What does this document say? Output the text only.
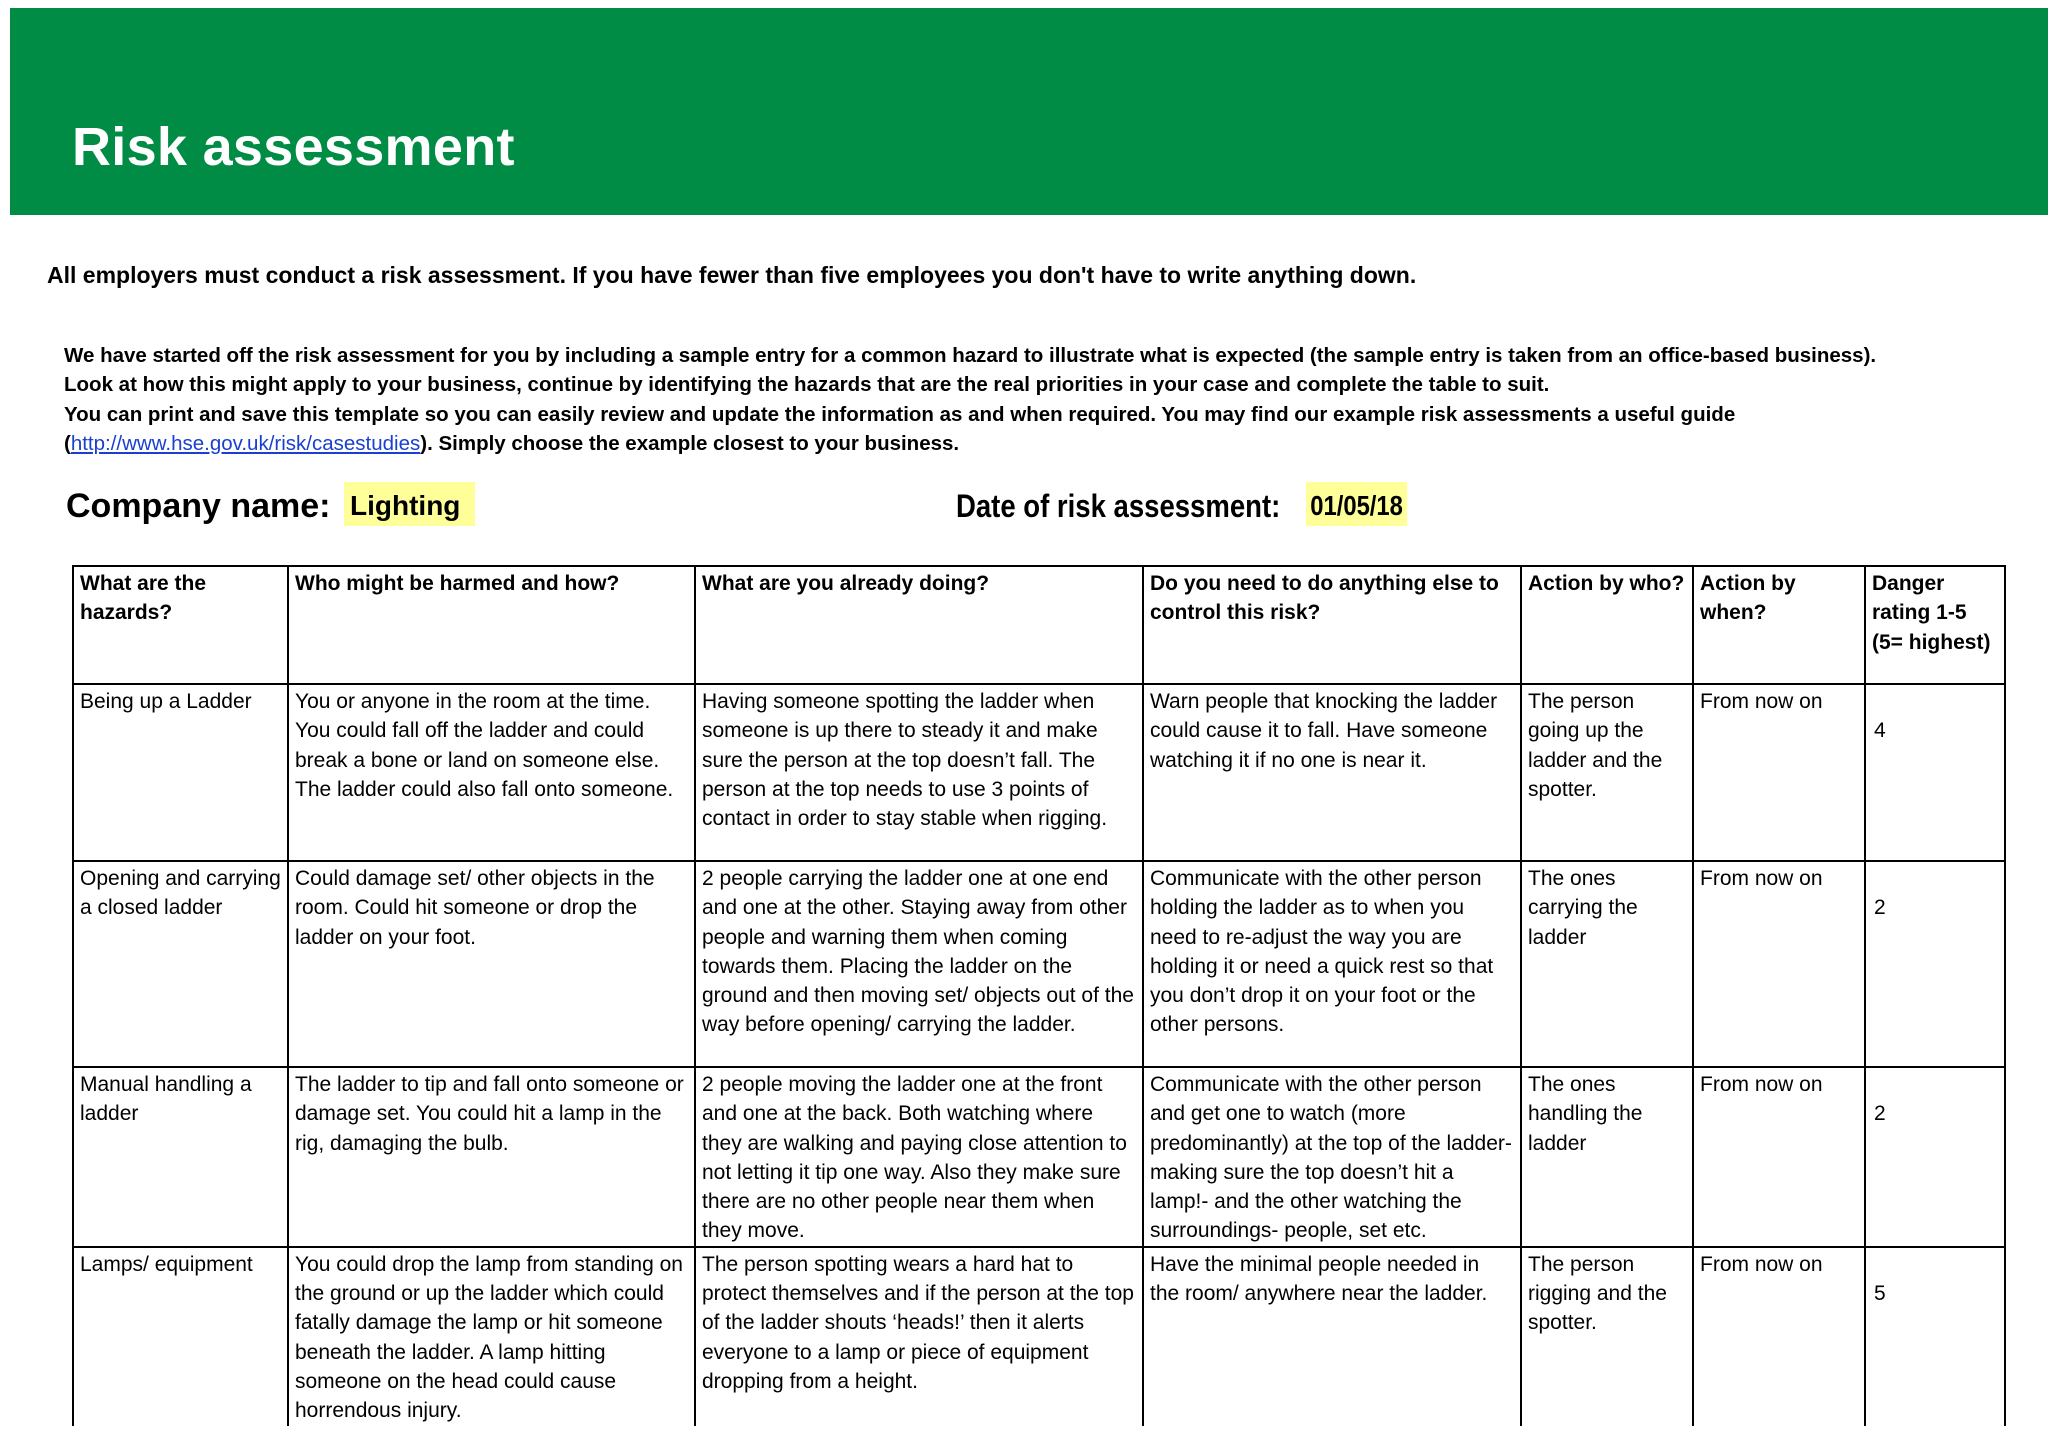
Risk assessment

All employers must conduct a risk assessment. If you have fewer than five employees you don't have to write anything down.

We have started off the risk assessment for you by including a sample entry for a common hazard to illustrate what is expected (the sample entry is taken from an office-based business).

Look at how this might apply to your business, continue by identifying the hazards that are the real priorities in your case and complete the table to suit.

You can print and save this template so you can easily review and update the information as and when required. You may find our example risk assessments a useful guide

(http://www.hse.gov.uk/risk/casestudies). Simply choose the example closest to your business.

Company name: Lighting	Date of risk assessment: 01/05/18
What are the hazards?	Who might be harmed and how?	What are you already doing?	Do you need to do anything else to control this risk?	Action by who?	Action by when?	Danger rating 1-5 (5= highest)
Being up a Ladder	You or anyone in the room at the time. You could fall off the ladder and could break a bone or land on someone else. The ladder could also fall onto someone.	Having someone spotting the ladder when someone is up there to steady it and make sure the person at the top doesn’t fall. The person at the top needs to use 3 points of contact in order to stay stable when rigging.	Warn people that knocking the ladder could cause it to fall. Have someone watching it if no one is near it.	The person going up the ladder and the spotter.	From now on	4

Opening and carrying a closed ladder	Could damage set/ other objects in the room. Could hit someone or drop the ladder on your foot.	2 people carrying the ladder one at one end and one at the other. Staying away from other people and warning them when coming towards them. Placing the ladder on the ground and then moving set/ objects out of the way before opening/ carrying the ladder.	Communicate with the other person holding the ladder as to when you need to re-adjust the way you are holding it or need a quick rest so that you don’t drop it on your foot or the other persons.	The ones carrying the ladder	From now on	2

Manual handling a ladder	The ladder to tip and fall onto someone or damage set. You could hit a lamp in the rig, damaging the bulb.	2 people moving the ladder one at the front and one at the back. Both watching where they are walking and paying close attention to not letting it tip one way. Also they make sure there are no other people near them when they move.	Communicate with the other person and get one to watch (more predominantly) at the top of the ladder- making sure the top doesn’t hit a lamp!- and the other watching the surroundings- people, set etc.	The ones handling the ladder	From now on	2

Lamps/ equipment	You could drop the lamp from standing on the ground or up the ladder which could fatally damage the lamp or hit someone beneath the ladder. A lamp hitting someone on the head could cause horrendous injury.	The person spotting wears a hard hat to protect themselves and if the person at the top of the ladder shouts ‘heads!’ then it alerts everyone to a lamp or piece of equipment dropping from a height.	Have the minimal people needed in the room/ anywhere near the ladder.	The person rigging and the spotter.	From now on	5
